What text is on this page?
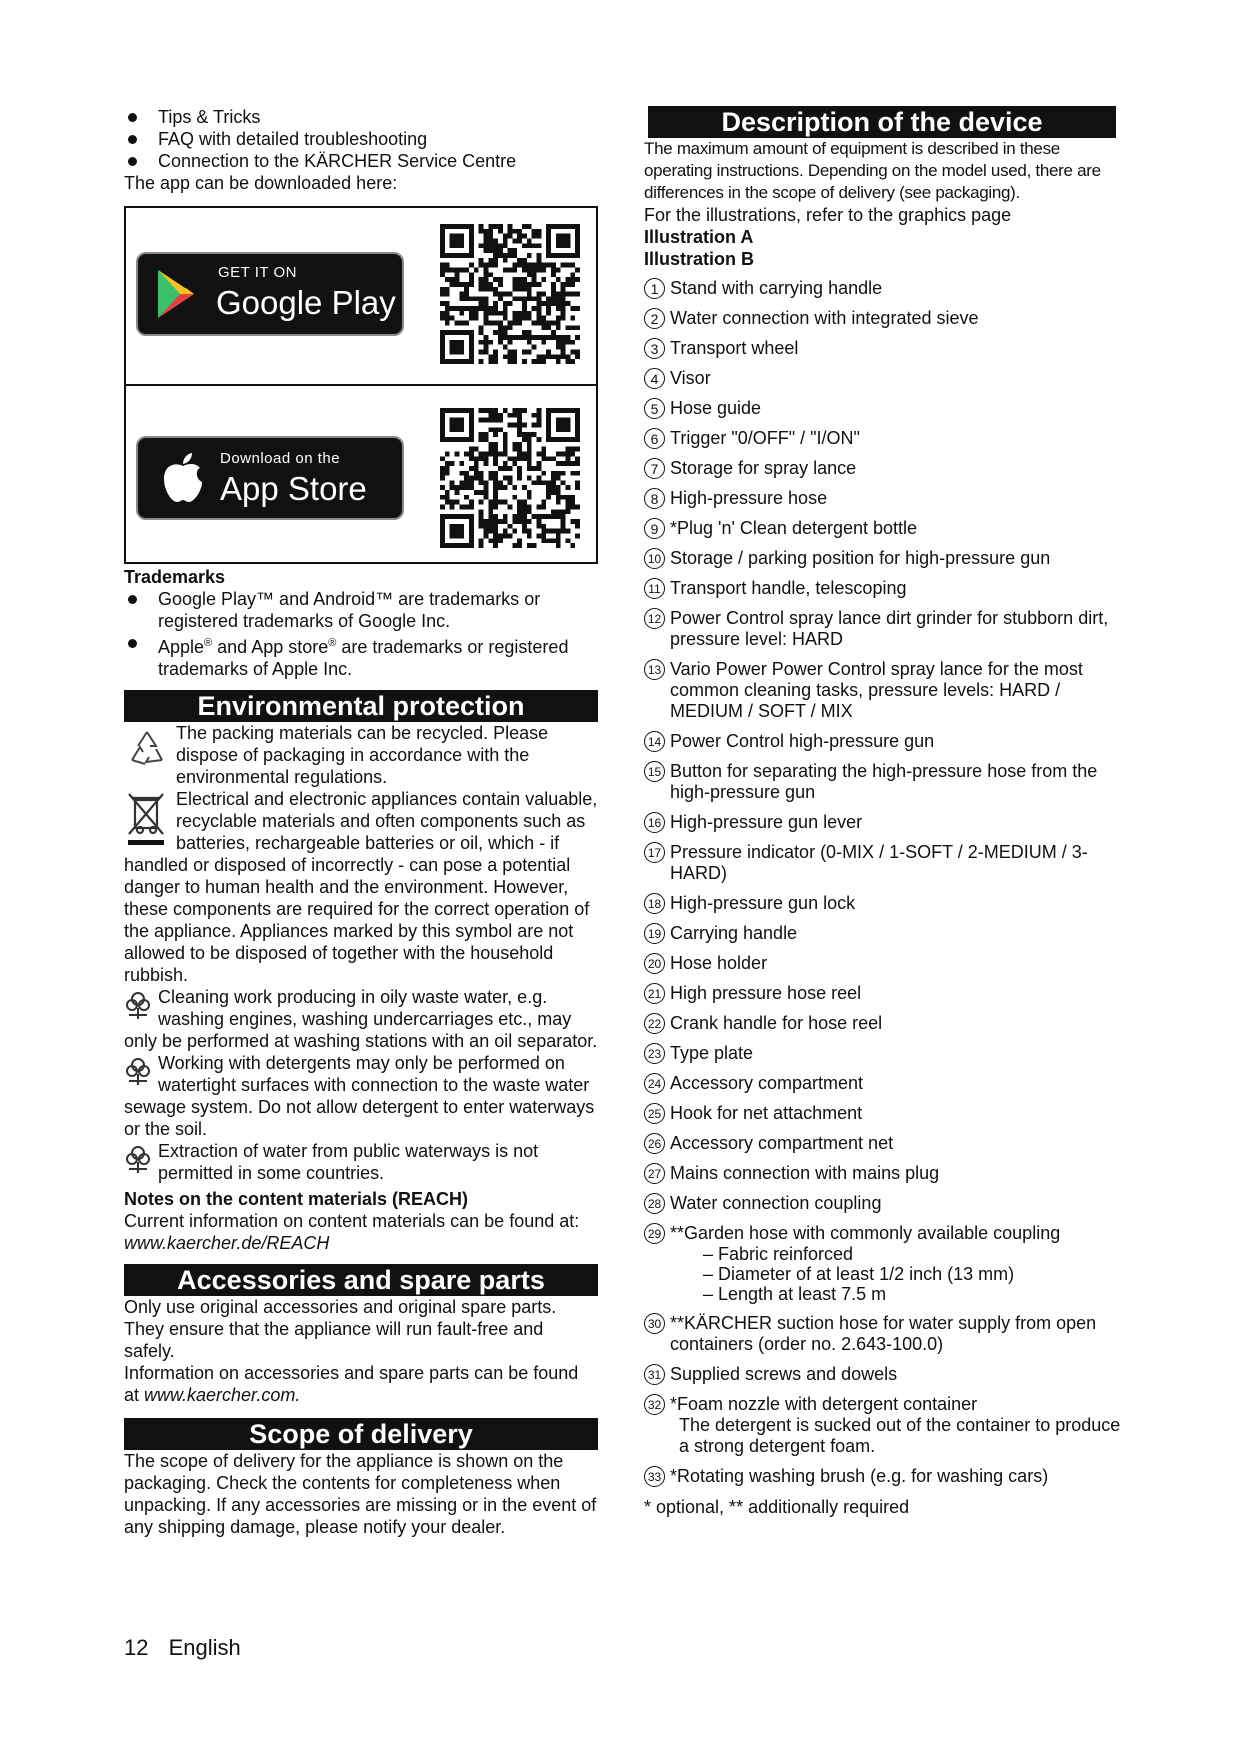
Tips & Tricks
FAQ with detailed troubleshooting
Connection to the KÄRCHER Service Centre
The app can be downloaded here:
GET IT ON
Google Play
Download on the
App Store
Trademarks
Google Play™ and Android™ are trademarks or registered trademarks of Google Inc.
Apple® and App store® are trademarks or registered trademarks of Apple Inc.
Environmental protection
The packing materials can be recycled. Please dispose of packaging in accordance with the environmental regulations.
Electrical and electronic appliances contain valuable, recyclable materials and often components such as batteries, rechargeable batteries or oil, which - if handled or disposed of incorrectly - can pose a potential danger to human health and the environment. However, these components are required for the correct operation of the appliance. Appliances marked by this symbol are not allowed to be disposed of together with the household rubbish.
Cleaning work producing in oily waste water, e.g. washing engines, washing undercarriages etc., may only be performed at washing stations with an oil separator.
Working with detergents may only be performed on watertight surfaces with connection to the waste water sewage system. Do not allow detergent to enter waterways or the soil.
Extraction of water from public waterways is not permitted in some countries.
Notes on the content materials (REACH)
Current information on content materials can be found at: www.kaercher.de/REACH
Accessories and spare parts
Only use original accessories and original spare parts. They ensure that the appliance will run fault-free and safely.
Information on accessories and spare parts can be found at www.kaercher.com.
Scope of delivery
The scope of delivery for the appliance is shown on the packaging. Check the contents for completeness when unpacking. If any accessories are missing or in the event of any shipping damage, please notify your dealer.
Description of the device
The maximum amount of equipment is described in these operating instructions. Depending on the model used, there are differences in the scope of delivery (see packaging).
For the illustrations, refer to the graphics page
Illustration A
Illustration B
1 Stand with carrying handle
2 Water connection with integrated sieve
3 Transport wheel
4 Visor
5 Hose guide
6 Trigger "0/OFF" / "I/ON"
7 Storage for spray lance
8 High-pressure hose
9 *Plug 'n' Clean detergent bottle
10 Storage / parking position for high-pressure gun
11 Transport handle, telescoping
12 Power Control spray lance dirt grinder for stubborn dirt, pressure level: HARD
13 Vario Power Power Control spray lance for the most common cleaning tasks, pressure levels: HARD / MEDIUM / SOFT / MIX
14 Power Control high-pressure gun
15 Button for separating the high-pressure hose from the high-pressure gun
16 High-pressure gun lever
17 Pressure indicator (0-MIX / 1-SOFT / 2-MEDIUM / 3-HARD)
18 High-pressure gun lock
19 Carrying handle
20 Hose holder
21 High pressure hose reel
22 Crank handle for hose reel
23 Type plate
24 Accessory compartment
25 Hook for net attachment
26 Accessory compartment net
27 Mains connection with mains plug
28 Water connection coupling
29 **Garden hose with commonly available coupling
– Fabric reinforced
– Diameter of at least 1/2 inch (13 mm)
– Length at least 7.5 m
30 **KÄRCHER suction hose for water supply from open containers (order no. 2.643-100.0)
31 Supplied screws and dowels
32 *Foam nozzle with detergent container
The detergent is sucked out of the container to produce a strong detergent foam.
33 *Rotating washing brush (e.g. for washing cars)
* optional, ** additionally required
12 English
